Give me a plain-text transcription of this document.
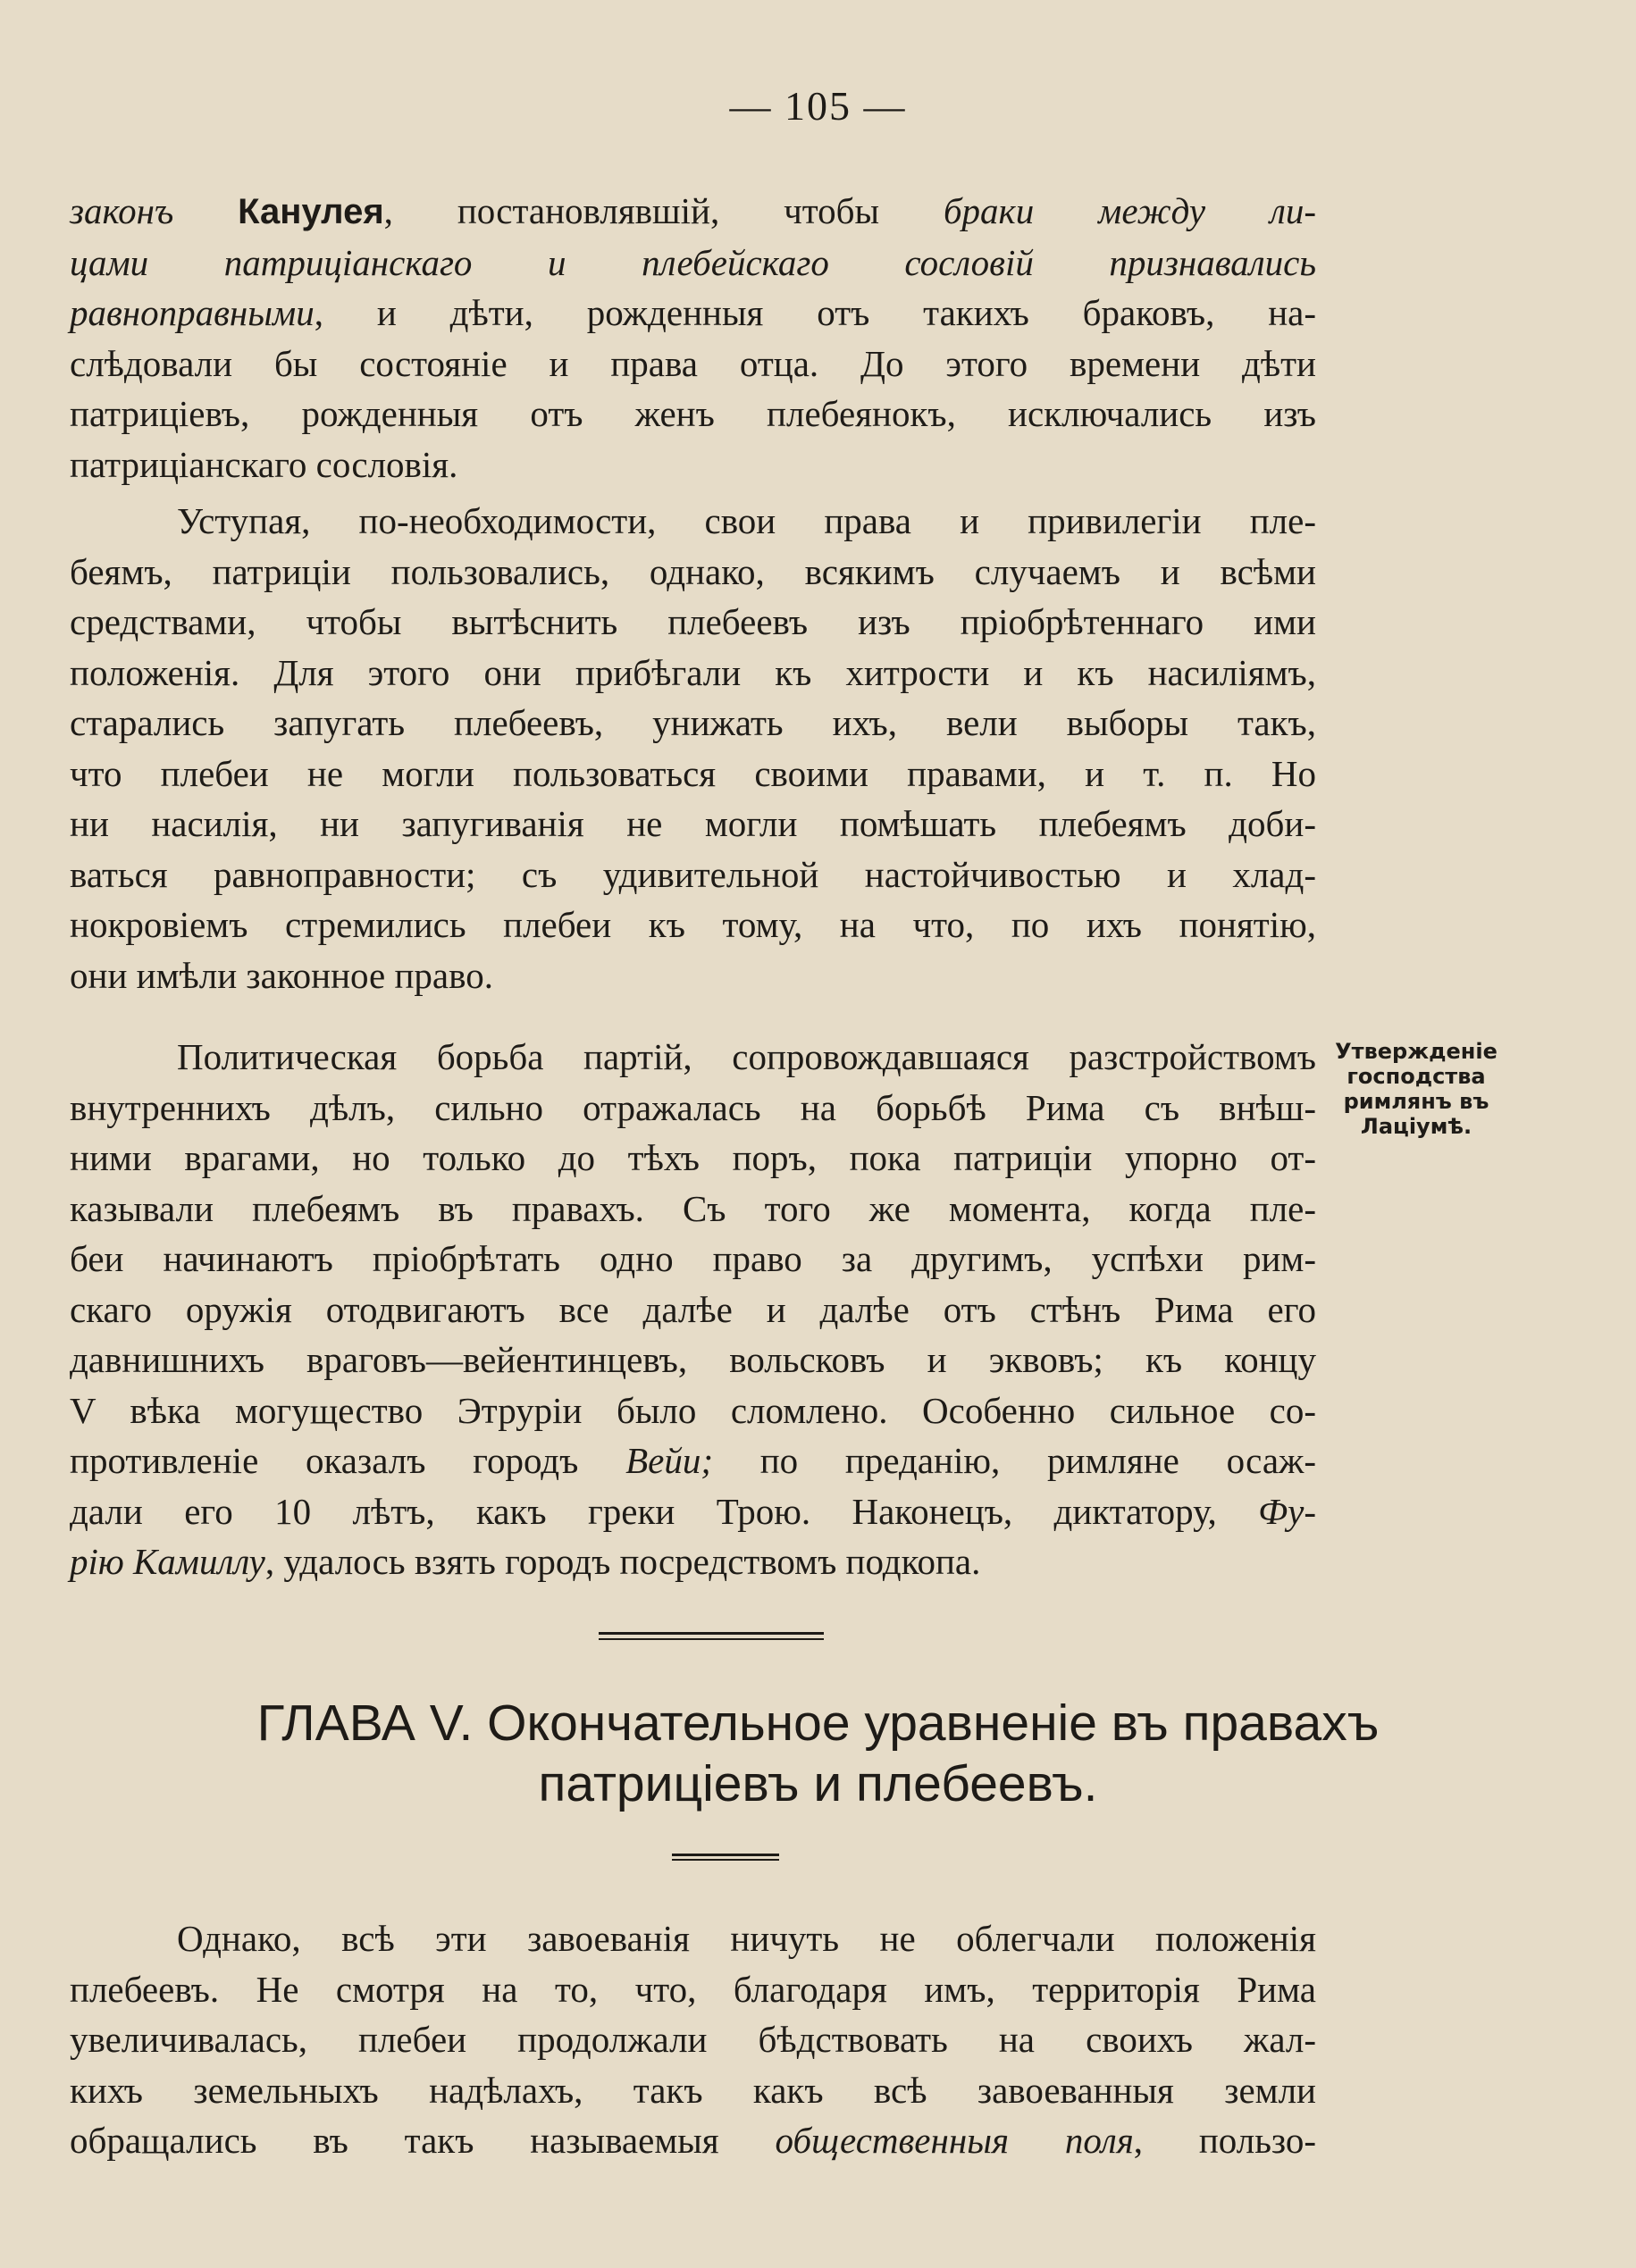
— 105 —
законъ Канулея, постановлявшій, чтобы браки между ли-
цами патриціанскаго и плебейскаго сословій признавались
равноправными, и дѣти, рожденныя отъ такихъ браковъ, на-
слѣдовали бы состояніе и права отца. До этого времени дѣти
патрицiевъ, рожденныя отъ женъ плебеянокъ, исключались изъ
патриціанскаго сословія.
Уступая, по-необходимости, свои права и привилегіи пле-
беямъ, патриціи пользовались, однако, всякимъ случаемъ и всѣми
средствами, чтобы вытѣснить плебеевъ изъ пріобрѣтеннаго ими
положенія. Для этого они прибѣгали къ хитрости и къ насиліямъ,
старались запугать плебеевъ, унижать ихъ, вели выборы такъ,
что плебеи не могли пользоваться своими правами, и т. п. Но
ни насилія, ни запугиванія не могли помѣшать плебеямъ доби-
ваться равноправности; съ удивительной настойчивостью и хлад-
нокровіемъ стремились плебеи къ тому, на что, по ихъ понятію,
они имѣли законное право.
Политическая борьба партій, сопровождавшаяся разстройствомъ
внутреннихъ дѣлъ, сильно отражалась на борьбѣ Рима съ внѣш-
ними врагами, но только до тѣхъ поръ, пока патриціи упорно от-
казывали плебеямъ въ правахъ. Съ того же момента, когда пле-
беи начинаютъ пріобрѣтать одно право за другимъ, успѣхи рим-
скаго оружія отодвигаютъ все далѣе и далѣе отъ стѣнъ Рима его
давнишнихъ враговъ—вейентинцевъ, вольсковъ и эквовъ; къ концу
V вѣка могущество Этруріи было сломлено. Особенно сильное со-
противленіе оказалъ городъ Вейи; по преданію, римляне осаж-
дали его 10 лѣтъ, какъ греки Трою. Наконецъ, диктатору, Фу-
рію Камиллу, удалось взять городъ посредствомъ подкопа.
Утвержденіе
господства
римлянъ въ
Лаціумѣ.
ГЛАВА V. Окончательное уравненіе въ правахъ
патриціевъ и плебеевъ.
Однако, всѣ эти завоеванія ничуть не облегчали положенія
плебеевъ. Не смотря на то, что, благодаря имъ, территорія Рима
увеличивалась, плебеи продолжали бѣдствовать на своихъ жал-
кихъ земельныхъ надѣлахъ, такъ какъ всѣ завоеванныя земли
обращались въ такъ называемыя общественныя поля, пользо-
